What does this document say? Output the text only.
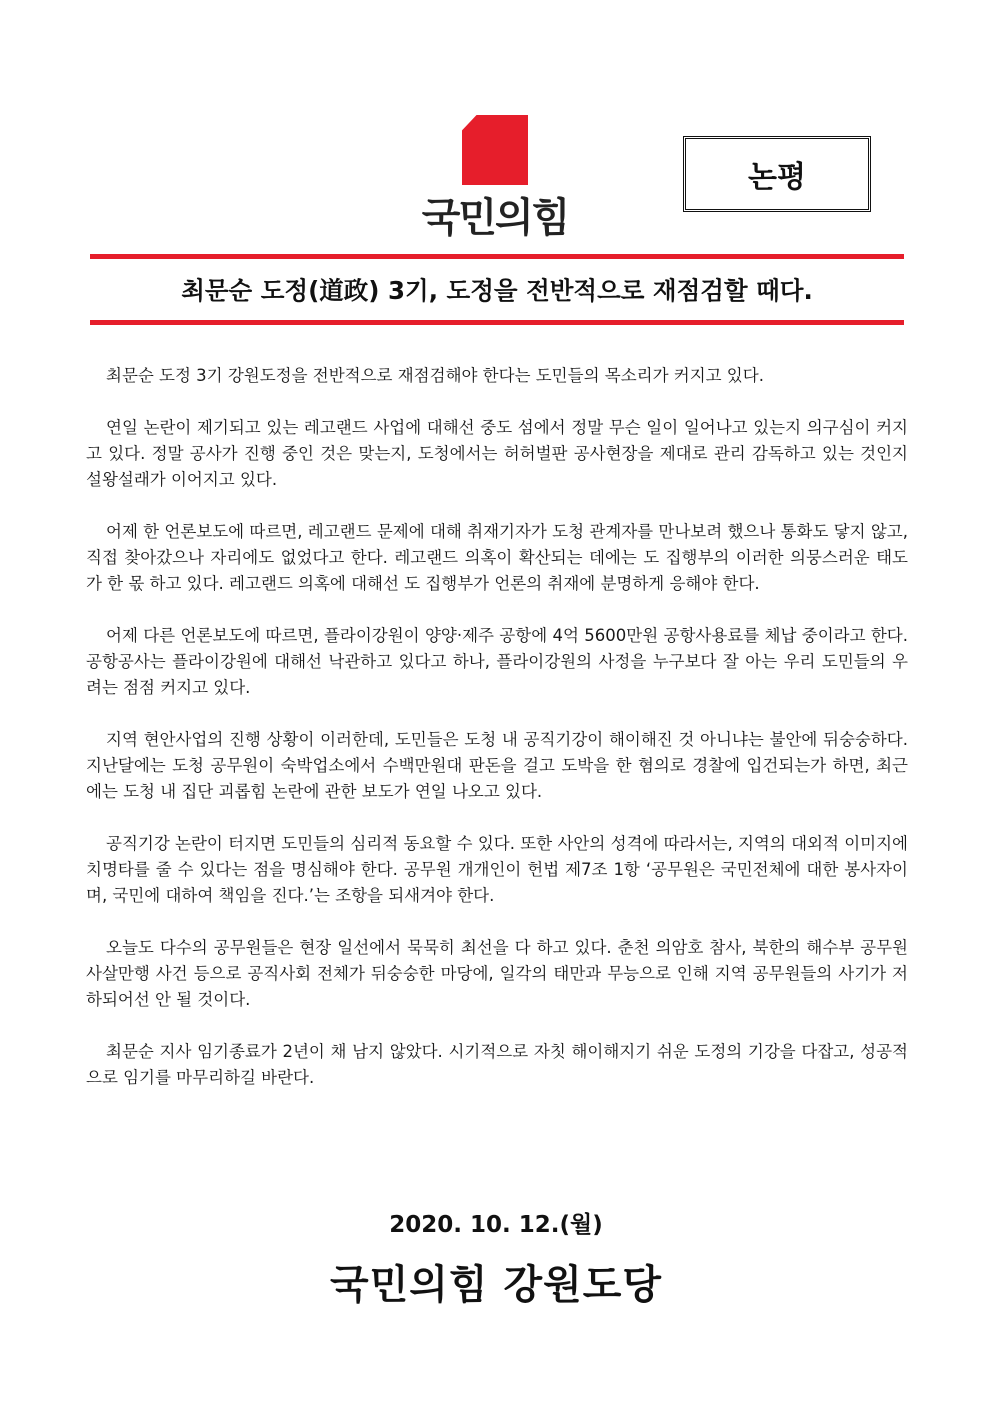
국민의힘
논평
최문순 도정(道政) 3기, 도정을 전반적으로 재점검할 때다.

최문순 도정 3기 강원도정을 전반적으로 재점검해야 한다는 도민들의 목소리가 커지고 있다.

연일 논란이 제기되고 있는 레고랜드 사업에 대해선 중도 섬에서 정말 무슨 일이 일어나고 있는지 의구심이 커지고 있다. 정말 공사가 진행 중인 것은 맞는지, 도청에서는 허허벌판 공사현장을 제대로 관리 감독하고 있는 것인지 설왕설래가 이어지고 있다.

어제 한 언론보도에 따르면, 레고랜드 문제에 대해 취재기자가 도청 관계자를 만나보려 했으나 통화도 닿지 않고, 직접 찾아갔으나 자리에도 없었다고 한다. 레고랜드 의혹이 확산되는 데에는 도 집행부의 이러한 의뭉스러운 태도가 한 몫 하고 있다. 레고랜드 의혹에 대해선 도 집행부가 언론의 취재에 분명하게 응해야 한다.

어제 다른 언론보도에 따르면, 플라이강원이 양양·제주 공항에 4억 5600만원 공항사용료를 체납 중이라고 한다. 공항공사는 플라이강원에 대해선 낙관하고 있다고 하나, 플라이강원의 사정을 누구보다 잘 아는 우리 도민들의 우려는 점점 커지고 있다.

지역 현안사업의 진행 상황이 이러한데, 도민들은 도청 내 공직기강이 해이해진 것 아니냐는 불안에 뒤숭숭하다. 지난달에는 도청 공무원이 숙박업소에서 수백만원대 판돈을 걸고 도박을 한 혐의로 경찰에 입건되는가 하면, 최근에는 도청 내 집단 괴롭힘 논란에 관한 보도가 연일 나오고 있다.

공직기강 논란이 터지면 도민들의 심리적 동요할 수 있다. 또한 사안의 성격에 따라서는, 지역의 대외적 이미지에 치명타를 줄 수 있다는 점을 명심해야 한다. 공무원 개개인이 헌법 제7조 1항 ‘공무원은 국민전체에 대한 봉사자이며, 국민에 대하여 책임을 진다.’는 조항을 되새겨야 한다.

오늘도 다수의 공무원들은 현장 일선에서 묵묵히 최선을 다 하고 있다. 춘천 의암호 참사, 북한의 해수부 공무원 사살만행 사건 등으로 공직사회 전체가 뒤숭숭한 마당에, 일각의 태만과 무능으로 인해 지역 공무원들의 사기가 저하되어선 안 될 것이다.

최문순 지사 임기종료가 2년이 채 남지 않았다. 시기적으로 자칫 해이해지기 쉬운 도정의 기강을 다잡고, 성공적으로 임기를 마무리하길 바란다.

2020. 10. 12.(월)
국민의힘 강원도당
